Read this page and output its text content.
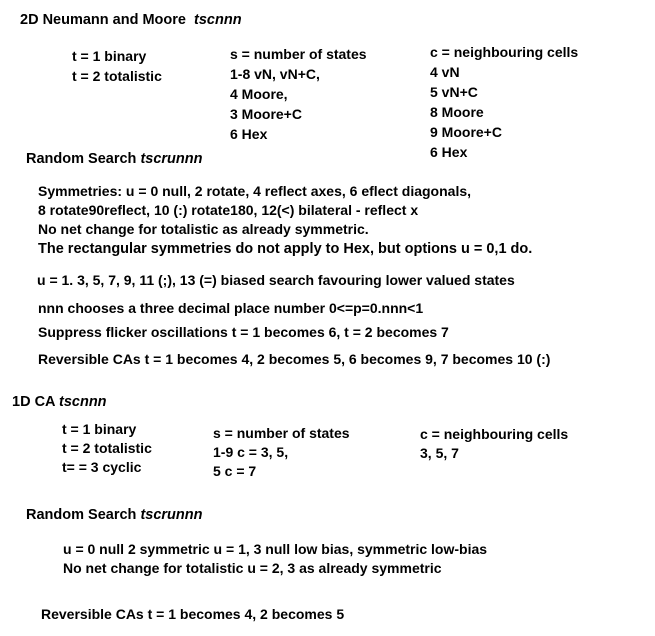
2D Neumann and Moore tscnnn
t = 1 binary
t = 2 totalistic
s = number of states
1-8 vN, vN+C,
4 Moore,
3 Moore+C
6 Hex
c = neighbouring cells
4 vN
5 vN+C
8 Moore
9 Moore+C
6 Hex
Random Search tscrunnn
Symmetries: u = 0 null, 2 rotate, 4 reflect axes, 6 eflect diagonals,
8 rotate90reflect, 10 (:) rotate180, 12(<) bilateral - reflect x
No net change for totalistic as already symmetric.
The rectangular symmetries do not apply to Hex, but options u = 0,1 do.
u = 1. 3, 5, 7, 9, 11 (;), 13 (=) biased search favouring lower valued states
nnn chooses a three decimal place number 0<=p=0.nnn<1
Suppress flicker oscillations t = 1 becomes 6, t = 2 becomes 7
Reversible CAs t = 1 becomes 4, 2 becomes 5, 6 becomes 9, 7 becomes 10 (:)
1D CA tscnnn
t = 1 binary
t = 2 totalistic
t= = 3 cyclic
s = number of states
1-9 c = 3, 5,
5 c = 7
c = neighbouring cells
3, 5, 7
Random Search tscrunnn
u = 0 null 2 symmetric u = 1, 3 null low bias, symmetric low-bias
No net change for totalistic u = 2, 3 as already symmetric
Reversible CAs t = 1 becomes 4, 2 becomes 5
